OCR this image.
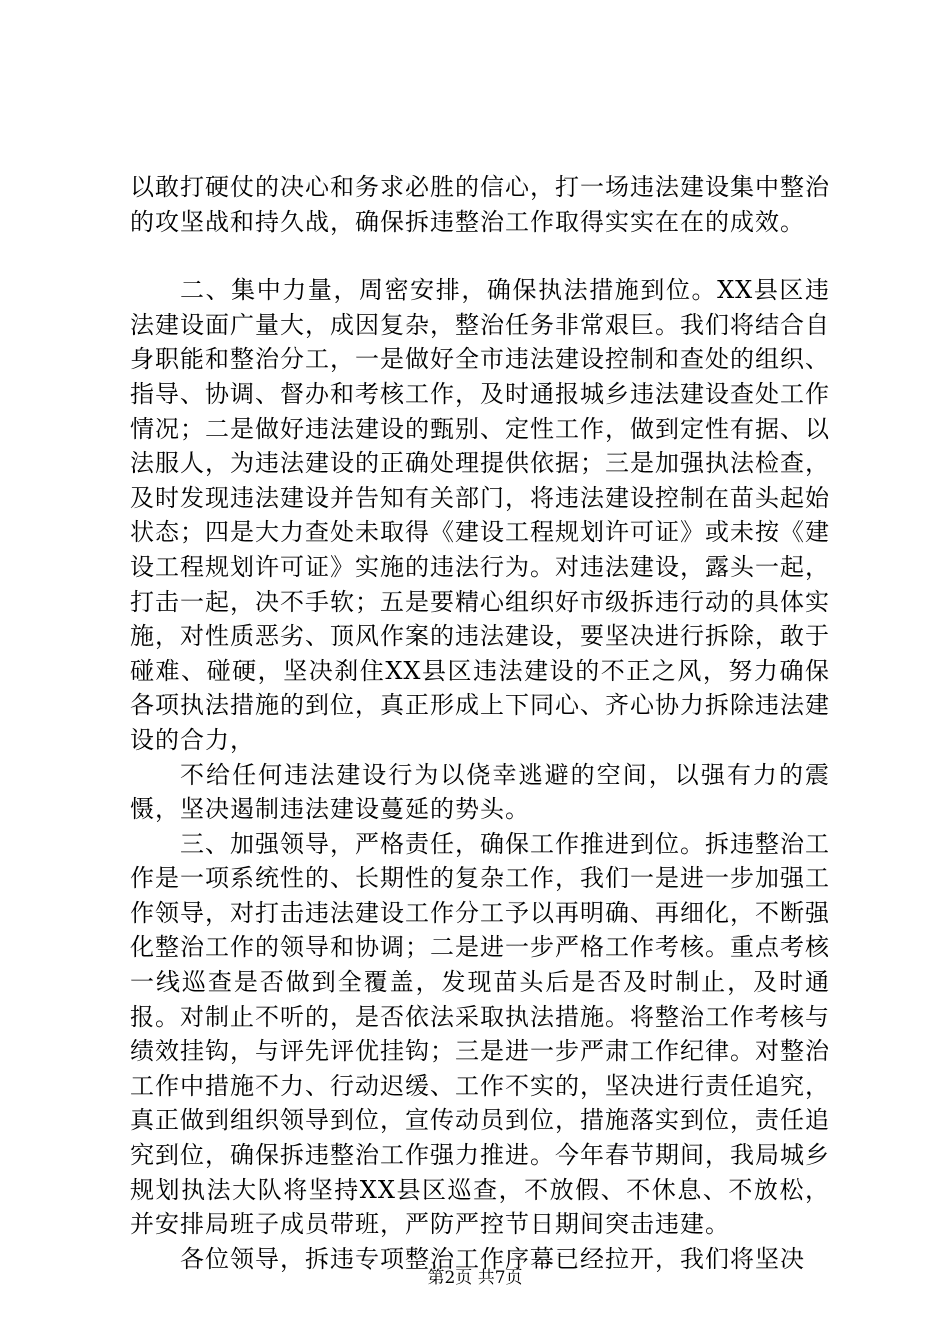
以敢打硬仗的决心和务求必胜的信心，打一场违法建设集中整治的攻坚战和持久战，确保拆违整治工作取得实实在在的成效。

二、集中力量，周密安排，确保执法措施到位。XX县区违法建设面广量大，成因复杂，整治任务非常艰巨。我们将结合自身职能和整治分工，一是做好全市违法建设控制和查处的组织、指导、协调、督办和考核工作，及时通报城乡违法建设查处工作情况；二是做好违法建设的甄别、定性工作，做到定性有据、以法服人，为违法建设的正确处理提供依据；三是加强执法检查，及时发现违法建设并告知有关部门，将违法建设控制在苗头起始状态；四是大力查处未取得《建设工程规划许可证》或未按《建设工程规划许可证》实施的违法行为。对违法建设，露头一起，打击一起，决不手软；五是要精心组织好市级拆违行动的具体实施，对性质恶劣、顶风作案的违法建设，要坚决进行拆除，敢于碰难、碰硬，坚决刹住XX县区违法建设的不正之风，努力确保各项执法措施的到位，真正形成上下同心、齐心协力拆除违法建设的合力，

不给任何违法建设行为以侥幸逃避的空间，以强有力的震慑，坚决遏制违法建设蔓延的势头。

三、加强领导，严格责任，确保工作推进到位。拆违整治工作是一项系统性的、长期性的复杂工作，我们一是进一步加强工作领导，对打击违法建设工作分工予以再明确、再细化，不断强化整治工作的领导和协调；二是进一步严格工作考核。重点考核一线巡查是否做到全覆盖，发现苗头后是否及时制止，及时通报。对制止不听的，是否依法采取执法措施。将整治工作考核与绩效挂钩，与评先评优挂钩；三是进一步严肃工作纪律。对整治工作中措施不力、行动迟缓、工作不实的，坚决进行责任追究，真正做到组织领导到位，宣传动员到位，措施落实到位，责任追究到位，确保拆违整治工作强力推进。今年春节期间，我局城乡规划执法大队将坚持XX县区巡查，不放假、不休息、不放松，并安排局班子成员带班，严防严控节日期间突击违建。

各位领导，拆违专项整治工作序幕已经拉开，我们将坚决

第2页 共7页
